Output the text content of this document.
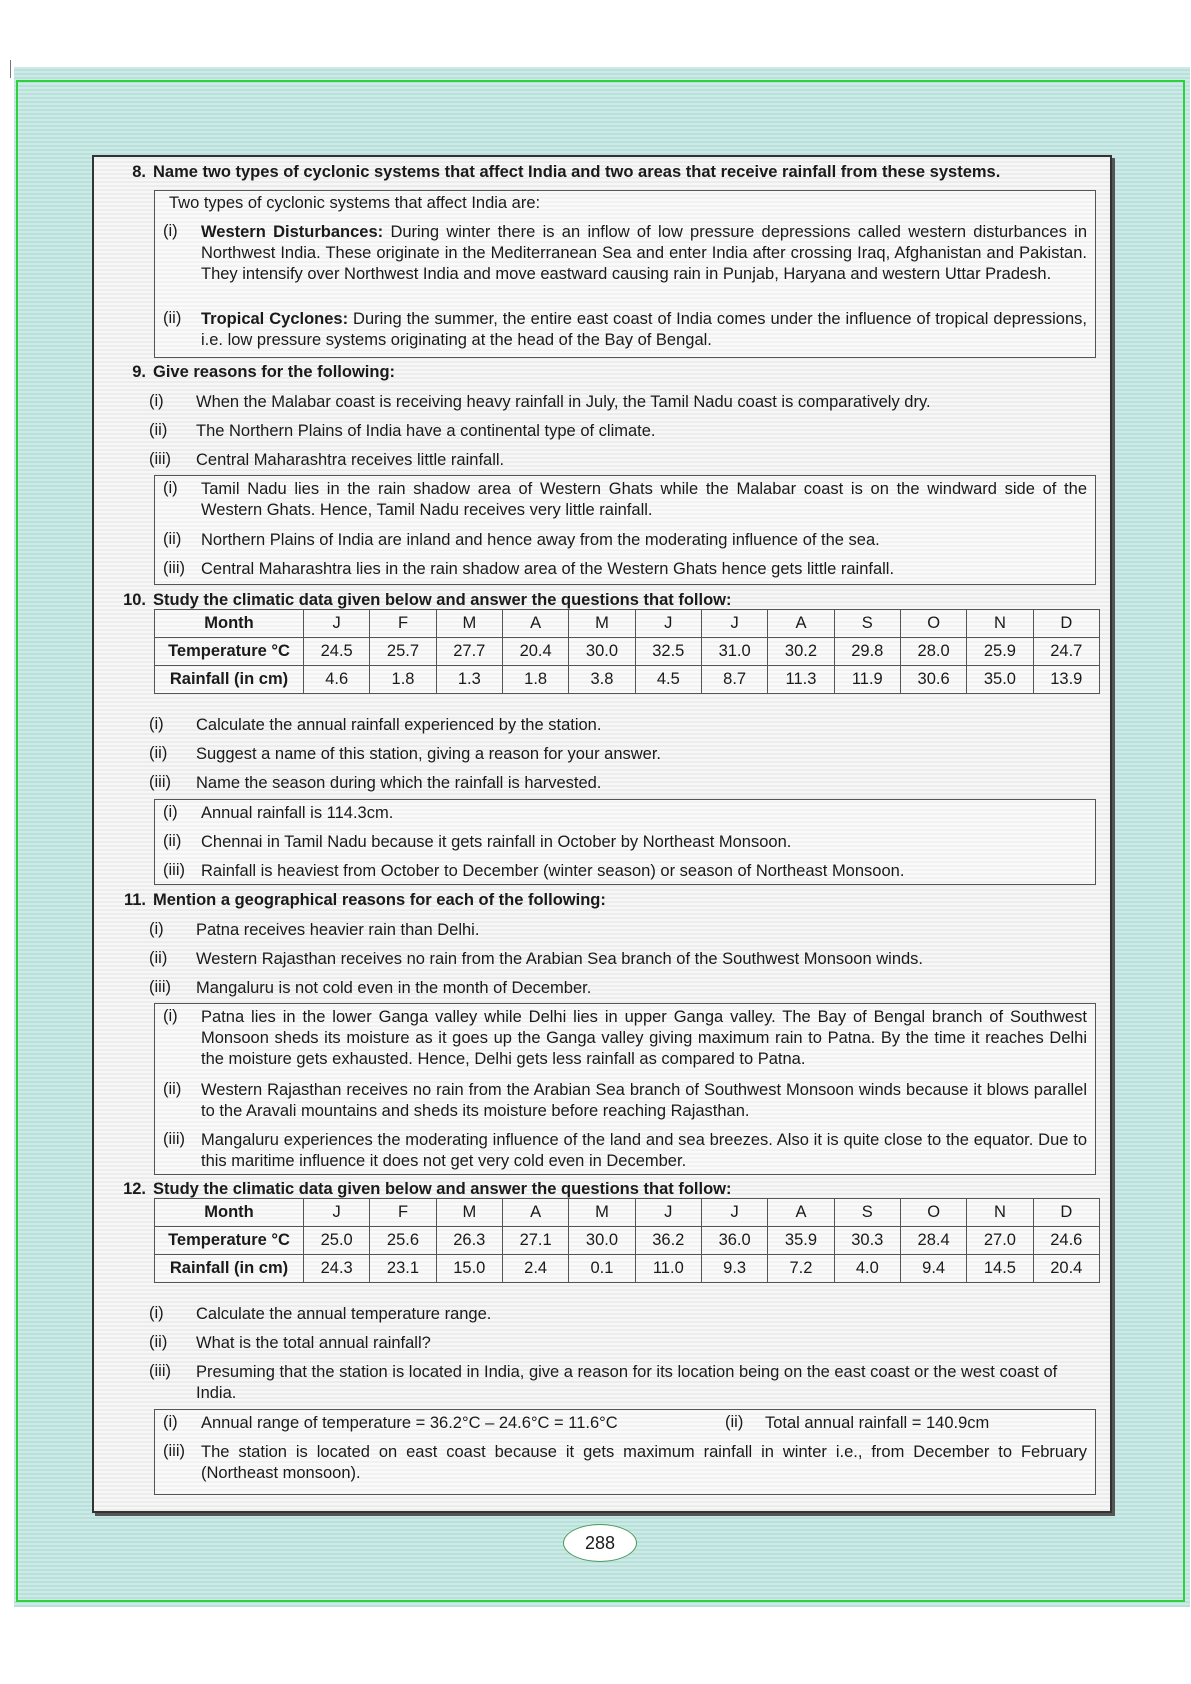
8. Name two types of cyclonic systems that affect India and two areas that receive rainfall from these systems.
Two types of cyclonic systems that affect India are:
(i)	Western Disturbances: During winter there is an inflow of low pressure depressions called western disturbances in Northwest India. These originate in the Mediterranean Sea and enter India after crossing Iraq, Afghanistan and Pakistan. They intensify over Northwest India and move eastward causing rain in Punjab, Haryana and western Uttar Pradesh.
(ii)	Tropical Cyclones: During the summer, the entire east coast of India comes under the influence of tropical depressions, i.e. low pressure systems originating at the head of the Bay of Bengal.
9. Give reasons for the following:
(i)	When the Malabar coast is receiving heavy rainfall in July, the Tamil Nadu coast is comparatively dry.
(ii)	The Northern Plains of India have a continental type of climate.
(iii)	Central Maharashtra receives little rainfall.
(i)	Tamil Nadu lies in the rain shadow area of Western Ghats while the Malabar coast is on the windward side of the Western Ghats. Hence, Tamil Nadu receives very little rainfall.
(ii)	Northern Plains of India are inland and hence away from the moderating influence of the sea.
(iii) Central Maharashtra lies in the rain shadow area of the Western Ghats hence gets little rainfall.
10. Study the climatic data given below and answer the questions that follow:
Month	J	F	M	A	M	J	J	A	S	O	N	D
Temperature °C	24.5	25.7	27.7	20.4	30.0	32.5	31.0	30.2	29.8	28.0	25.9	24.7
Rainfall (in cm)	4.6	1.8	1.3	1.8	3.8	4.5	8.7	11.3	11.9	30.6	35.0	13.9
(i)	Calculate the annual rainfall experienced by the station.
(ii)	Suggest a name of this station, giving a reason for your answer.
(iii)	Name the season during which the rainfall is harvested.
(i)	Annual rainfall is 114.3cm.
(ii)	Chennai in Tamil Nadu because it gets rainfall in October by Northeast Monsoon.
(iii) Rainfall is heaviest from October to December (winter season) or season of Northeast Monsoon.
11. Mention a geographical reasons for each of the following:
(i)	Patna receives heavier rain than Delhi.
(ii)	Western Rajasthan receives no rain from the Arabian Sea branch of the Southwest Monsoon winds.
(iii)	Mangaluru is not cold even in the month of December.
(i)	Patna lies in the lower Ganga valley while Delhi lies in upper Ganga valley. The Bay of Bengal branch of Southwest Monsoon sheds its moisture as it goes up the Ganga valley giving maximum rain to Patna. By the time it reaches Delhi the moisture gets exhausted. Hence, Delhi gets less rainfall as compared to Patna.
(ii)	Western Rajasthan receives no rain from the Arabian Sea branch of Southwest Monsoon winds because it blows parallel to the Aravali mountains and sheds its moisture before reaching Rajasthan.
(iii) Mangaluru experiences the moderating influence of the land and sea breezes. Also it is quite close to the equator. Due to this maritime influence it does not get very cold even in December.
12. Study the climatic data given below and answer the questions that follow:
Month	J	F	M	A	M	J	J	A	S	O	N	D
Temperature °C	25.0	25.6	26.3	27.1	30.0	36.2	36.0	35.9	30.3	28.4	27.0	24.6
Rainfall (in cm)	24.3	23.1	15.0	2.4	0.1	11.0	9.3	7.2	4.0	9.4	14.5	20.4
(i)	Calculate the annual temperature range.
(ii)	What is the total annual rainfall?
(iii)	Presuming that the station is located in India, give a reason for its location being on the east coast or the west coast of India.
(i)	Annual range of temperature = 36.2°C – 24.6°C = 11.6°C	(ii)	Total annual rainfall = 140.9cm
(iii) The station is located on east coast because it gets maximum rainfall in winter i.e., from December to February (Northeast monsoon).
288
